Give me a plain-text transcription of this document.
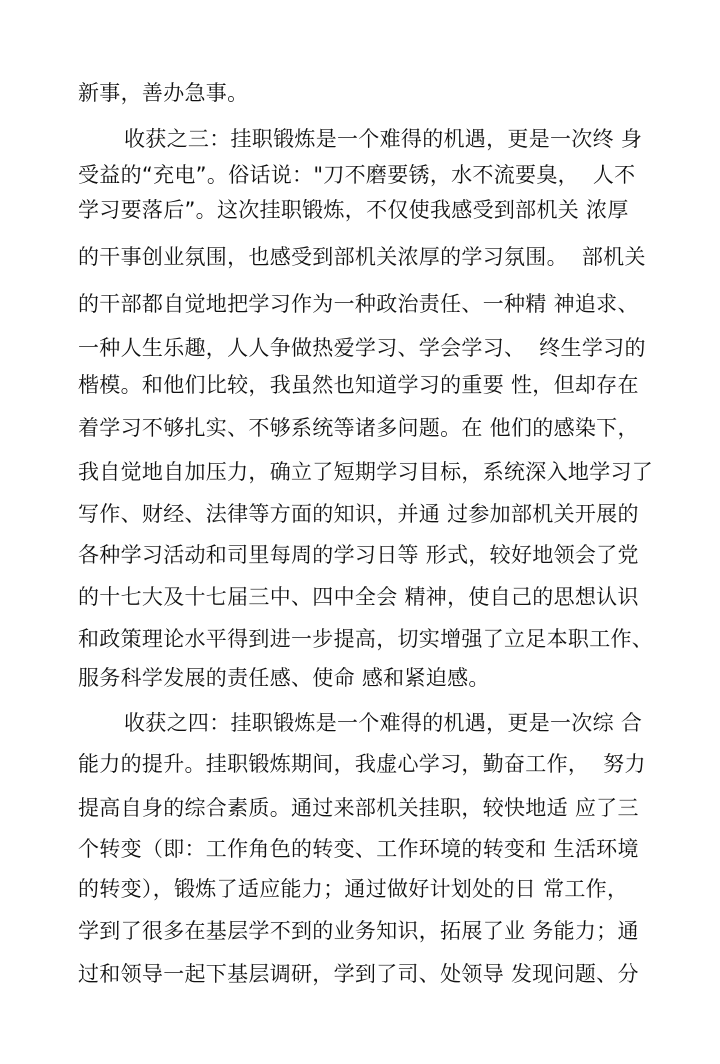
新事，善办急事。
收获之三：挂职锻炼是一个难得的机遇，更是一次终 身
受益的“充电”。俗话说："刀不磨要锈，水不流要臭，  人不
学习要落后”。这次挂职锻炼，不仅使我感受到部机关 浓厚
的干事创业氛围，也感受到部机关浓厚的学习氛围。  部机关
的干部都自觉地把学习作为一种政治责任、一种精 神追求、
一种人生乐趣，人人争做热爱学习、学会学习、  终生学习的
楷模。和他们比较，我虽然也知道学习的重要 性，但却存在
着学习不够扎实、不够系统等诸多问题。在 他们的感染下，
我自觉地自加压力，确立了短期学习目标，系统深入地学习了
写作、财经、法律等方面的知识，并通 过参加部机关开展的
各种学习活动和司里每周的学习日等 形式，较好地领会了党
的十七大及十七届三中、四中全会 精神，使自己的思想认识
和政策理论水平得到进一步提高，切实增强了立足本职工作、
服务科学发展的责任感、使命 感和紧迫感。
收获之四：挂职锻炼是一个难得的机遇，更是一次综 合
能力的提升。挂职锻炼期间，我虚心学习，勤奋工作，  努力
提高自身的综合素质。通过来部机关挂职，较快地适 应了三
个转变（即：工作角色的转变、工作环境的转变和 生活环境
的转变），锻炼了适应能力；通过做好计划处的日 常工作，
学到了很多在基层学不到的业务知识，拓展了业 务能力；通
过和领导一起下基层调研，学到了司、处领导 发现问题、分
